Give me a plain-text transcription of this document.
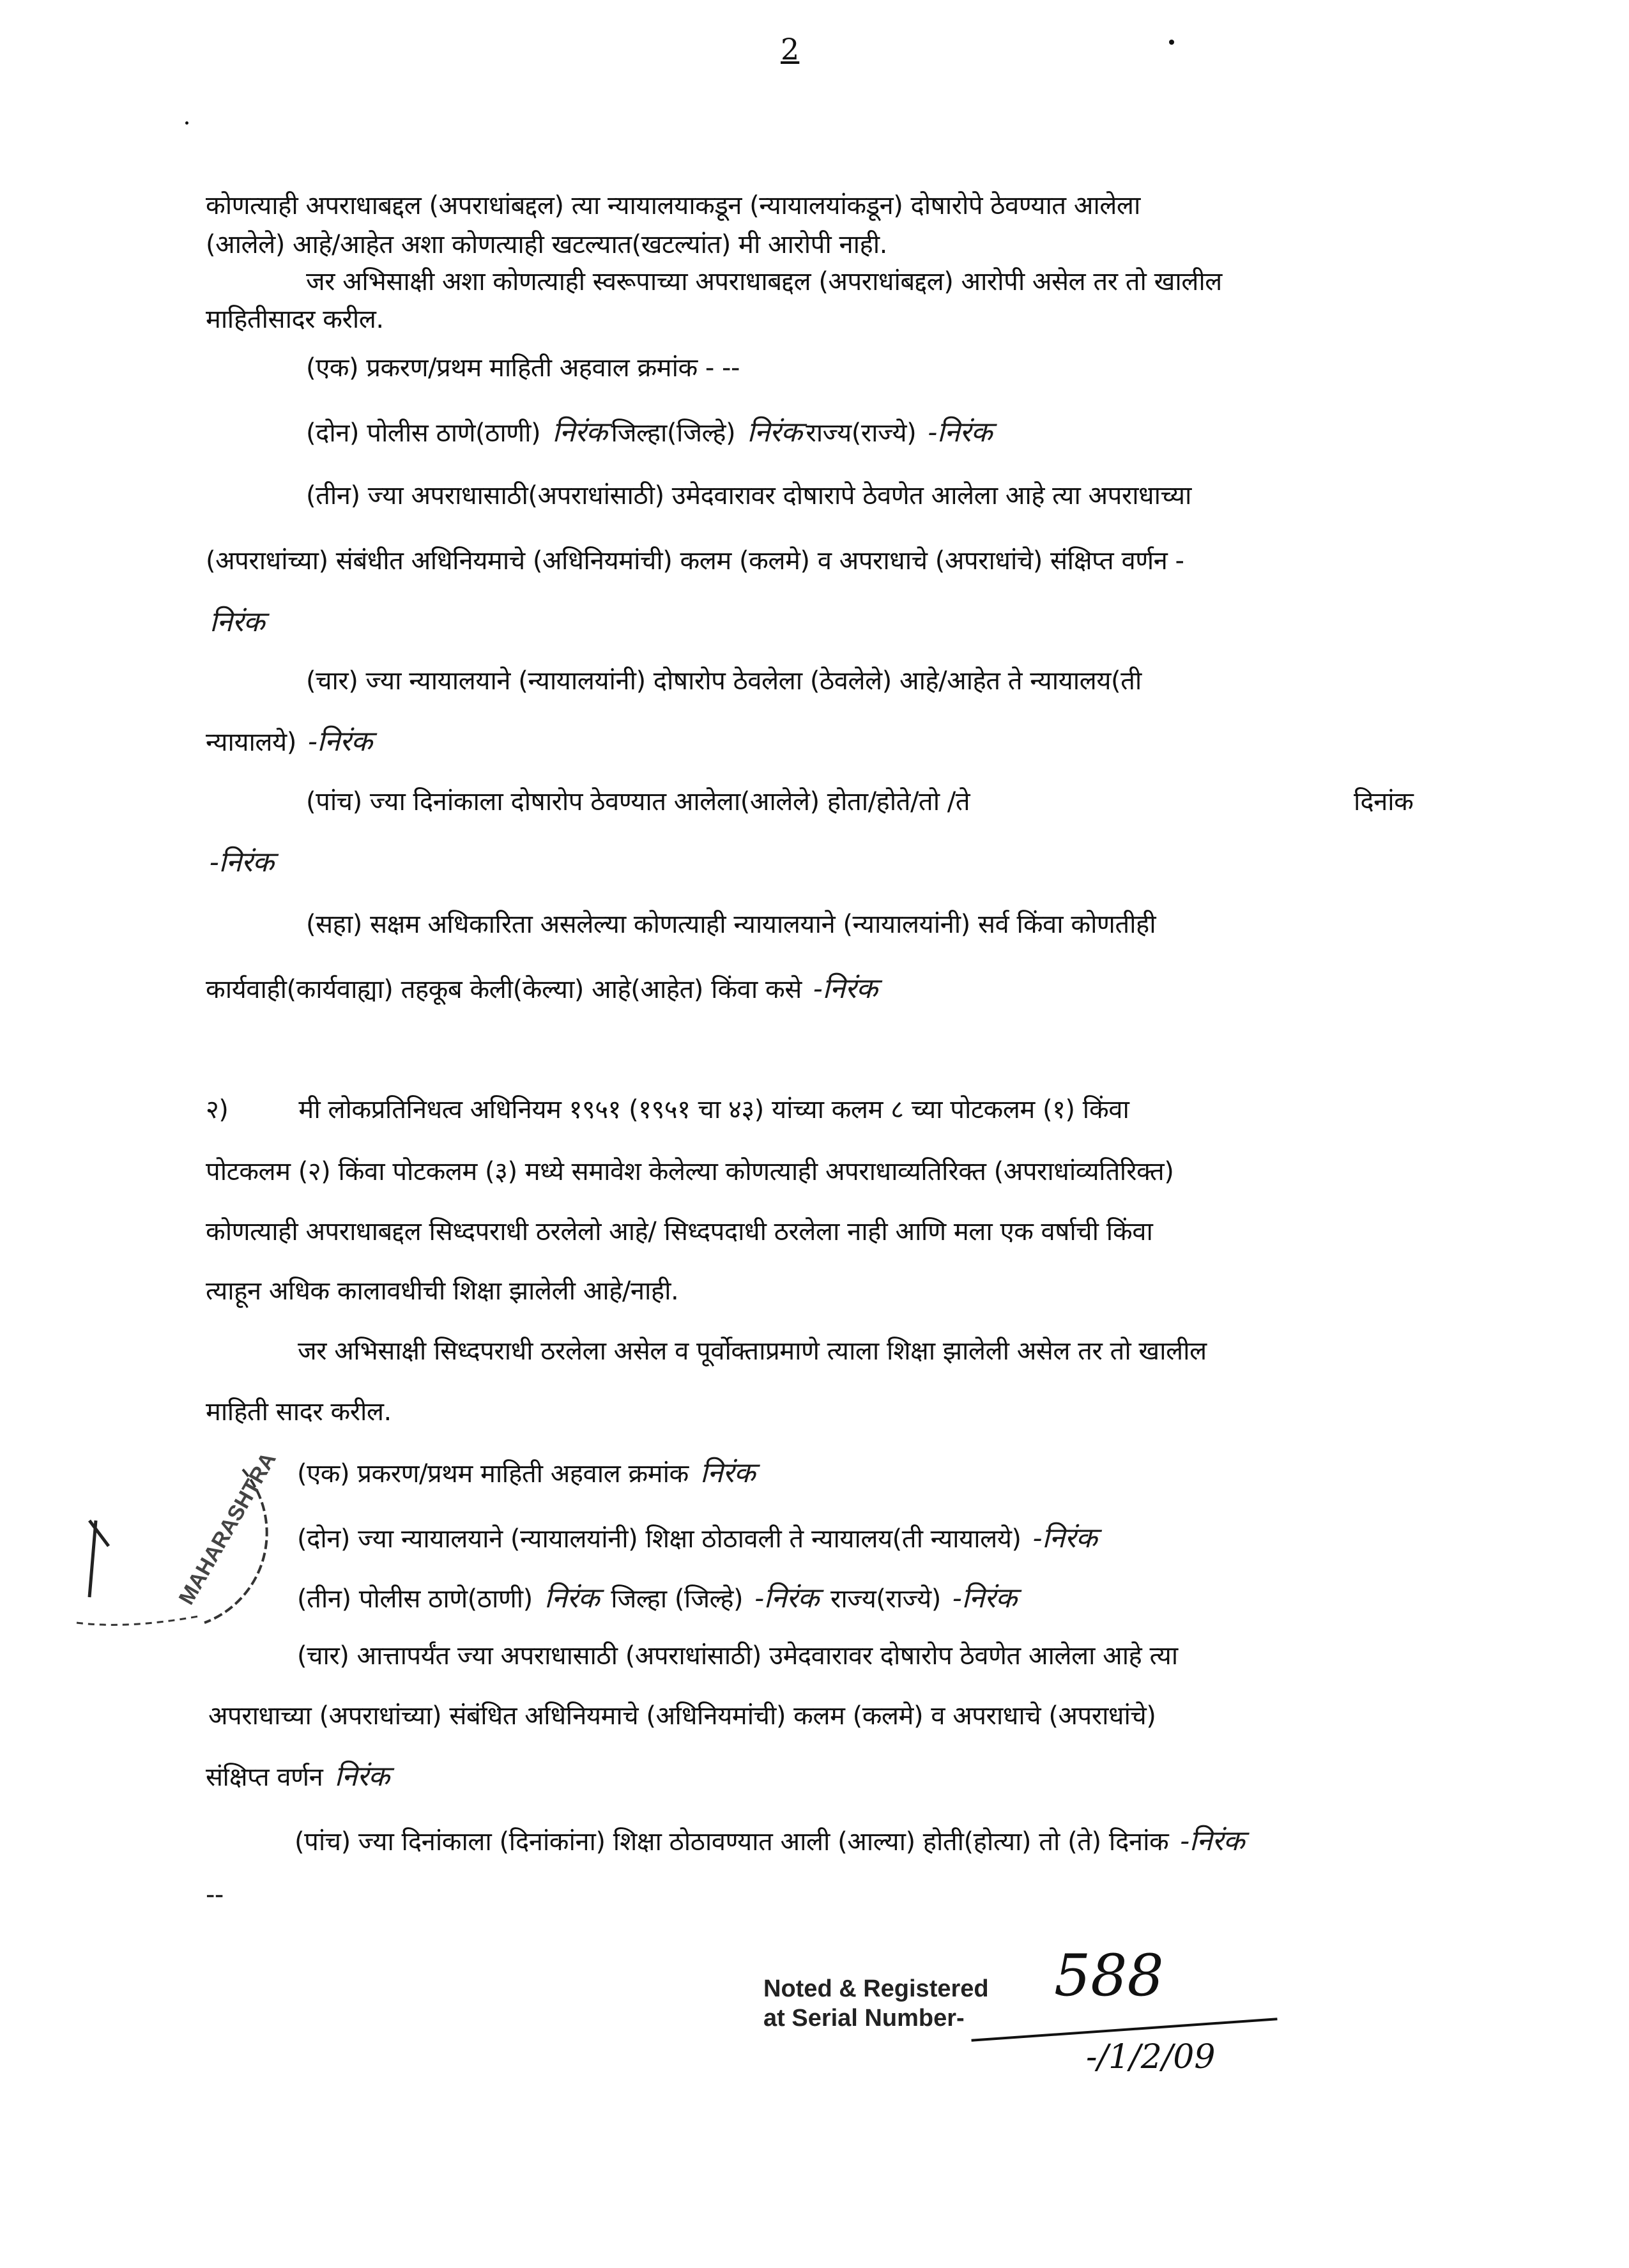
2
कोणत्याही अपराधाबद्दल (अपराधांबद्दल) त्या न्यायालयाकडून (न्यायालयांकडून) दोषारोपे ठेवण्यात आलेला
(आलेले) आहे/आहेत अशा कोणत्याही खटल्यात(खटल्यांत) मी आरोपी नाही.
जर अभिसाक्षी अशा कोणत्याही स्वरूपाच्या अपराधाबद्दल (अपराधांबद्दल) आरोपी असेल तर तो खालील
माहितीसादर करील.
(एक) प्रकरण/प्रथम माहिती अहवाल क्रमांक - --
(दोन) पोलीस ठाणे(ठाणी) निरंक जिल्हा(जिल्हे) निरंक राज्य(राज्ये) -निरंक
(तीन) ज्या अपराधासाठी(अपराधांसाठी) उमेदवारावर दोषारापे ठेवणेत आलेला आहे त्या अपराधाच्या
(अपराधांच्या) संबंधीत अधिनियमाचे (अधिनियमांची) कलम (कलमे) व अपराधाचे (अपराधांचे) संक्षिप्त वर्णन -
निरंक
(चार) ज्या न्यायालयाने (न्यायालयांनी) दोषारोप ठेवलेला (ठेवलेले) आहे/आहेत ते न्यायालय(ती
न्यायालये) -निरंक
(पांच) ज्या दिनांकाला दोषारोप ठेवण्यात आलेला(आलेले) होता/होते/तो /ते	दिनांक
-निरंक
(सहा) सक्षम अधिकारिता असलेल्या कोणत्याही न्यायालयाने (न्यायालयांनी) सर्व किंवा कोणतीही
कार्यवाही(कार्यवाह्या) तहकूब केली(केल्या) आहे(आहेत) किंवा कसे -निरंक
२)	मी लोकप्रतिनिधत्व अधिनियम १९५१ (१९५१ चा ४३) यांच्या कलम ८ च्या पोटकलम (१) किंवा
पोटकलम (२) किंवा पोटकलम (३) मध्ये समावेश केलेल्या कोणत्याही अपराधाव्यतिरिक्त (अपराधांव्यतिरिक्त)
कोणत्याही अपराधाबद्दल सिध्दपराधी ठरलेलो आहे/ सिध्दपदाधी ठरलेला नाही आणि मला एक वर्षाची किंवा
त्याहून अधिक कालावधीची शिक्षा झालेली आहे/नाही.
जर अभिसाक्षी सिध्दपराधी ठरलेला असेल व पूर्वोक्ताप्रमाणे त्याला शिक्षा झालेली असेल तर तो खालील
माहिती सादर करील.
(एक) प्रकरण/प्रथम माहिती अहवाल क्रमांक निरंक
(दोन) ज्या न्यायालयाने (न्यायालयांनी) शिक्षा ठोठावली ते न्यायालय(ती न्यायालये) -निरंक
(तीन) पोलीस ठाणे(ठाणी) निरंक जिल्हा (जिल्हे) -निरंक राज्य(राज्ये) -निरंक
(चार) आत्तापर्यंत ज्या अपराधासाठी (अपराधांसाठी) उमेदवारावर दोषारोप ठेवणेत आलेला आहे त्या
अपराधाच्या (अपराधांच्या) संबंधित अधिनियमाचे (अधिनियमांची) कलम (कलमे) व अपराधाचे (अपराधांचे)
संक्षिप्त वर्णन निरंक
(पांच) ज्या दिनांकाला (दिनांकांना) शिक्षा ठोठावण्यात आली (आल्या) होती(होत्या) तो (ते) दिनांक -निरंक
--
MAHARASHTRA
Noted & Registered
at Serial Number-
588
-/1/2/09
